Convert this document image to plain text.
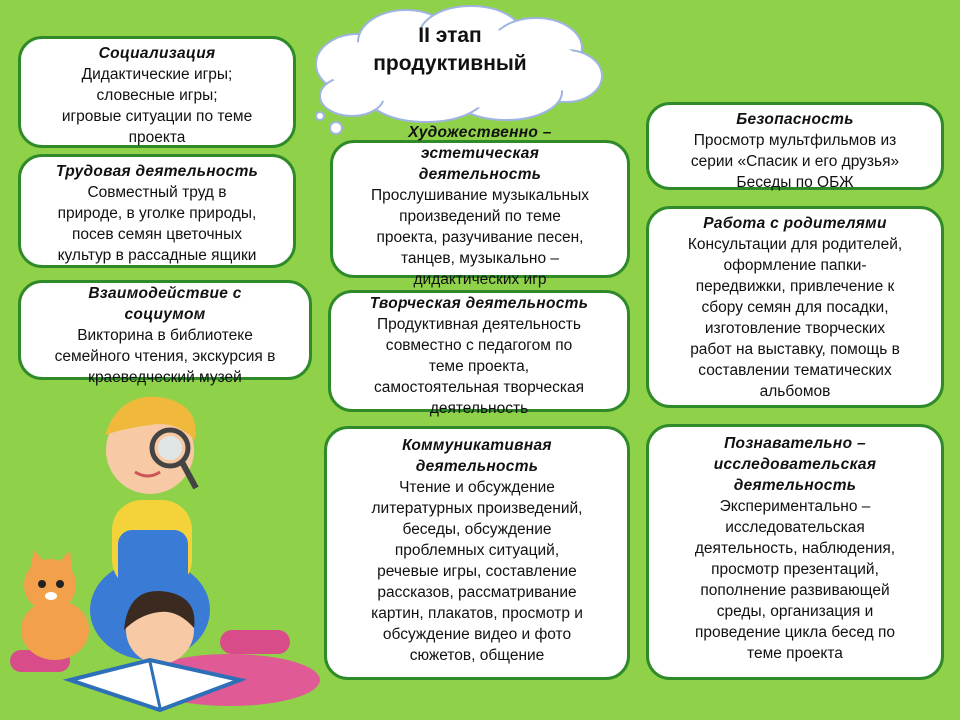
II этап
продуктивный
Социализация
Дидактические игры;
словесные игры;
игровые ситуации по теме
проекта
Трудовая деятельность
Совместный труд в
природе, в уголке природы,
посев семян цветочных
культур в рассадные ящики
Взаимодействие с
социумом
Викторина в библиотеке
семейного чтения, экскурсия в
краеведческий музей
Художественно –
эстетическая
деятельность
Прослушивание музыкальных
произведений по теме
проекта, разучивание песен,
танцев, музыкально –
дидактических игр
Творческая деятельность
Продуктивная деятельность
совместно с педагогом по
теме проекта,
самостоятельная творческая
деятельность
Коммуникативная
деятельность
Чтение и обсуждение
литературных произведений,
беседы, обсуждение
проблемных ситуаций,
речевые игры, составление
рассказов, рассматривание
картин, плакатов, просмотр и
обсуждение видео и фото
сюжетов, общение
Безопасность
Просмотр мультфильмов из
серии «Спасик и его друзья»
Беседы по ОБЖ
Работа с родителями
Консультации для родителей,
оформление папки-
передвижки, привлечение к
сбору семян для посадки,
изготовление творческих
работ на выставку, помощь в
составлении тематических
альбомов
Познавательно –
исследовательская
деятельность
Экспериментально –
исследовательская
деятельность, наблюдения,
просмотр презентаций,
пополнение развивающей
среды, организация и
проведение цикла бесед по
теме проекта
